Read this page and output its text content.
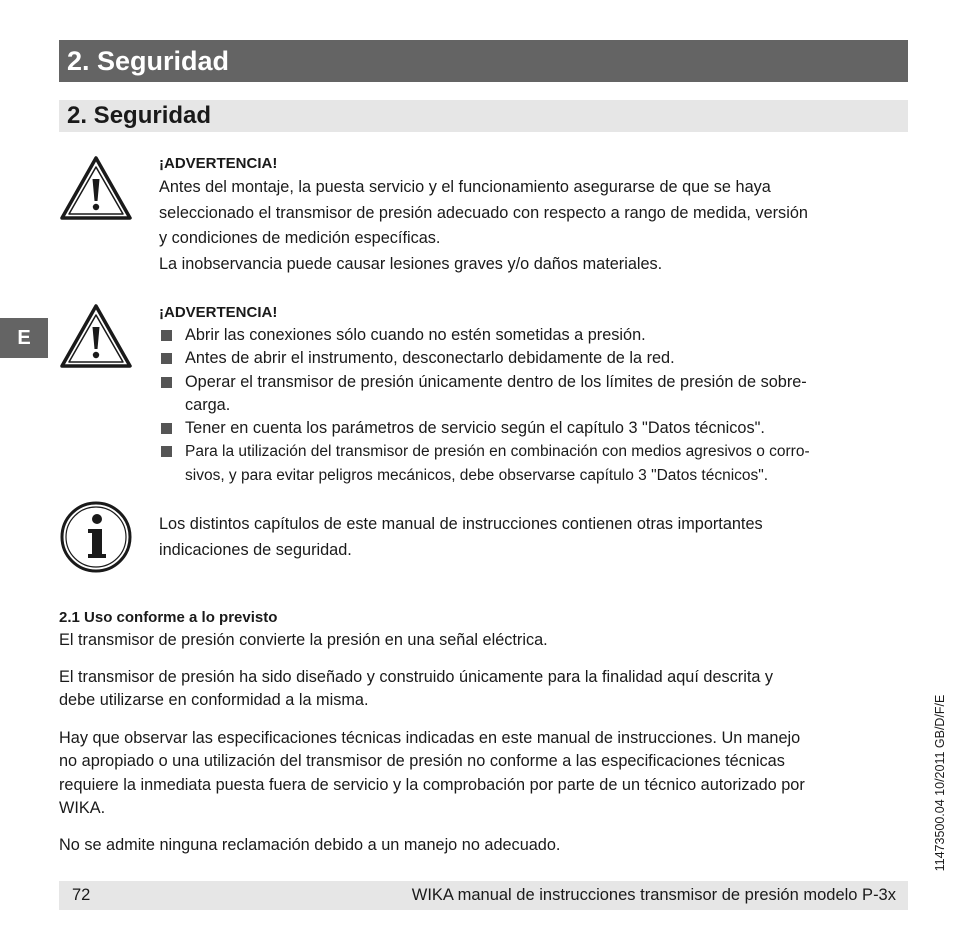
2. Seguridad
2. Seguridad
E
¡ADVERTENCIA!
Antes del montaje, la puesta servicio y el funcionamiento asegurarse de que se haya
seleccionado el transmisor de presión adecuado con respecto a rango de medida, versión
y condiciones de medición específicas.
La inobservancia puede causar lesiones graves y/o daños materiales.
¡ADVERTENCIA!
Abrir las conexiones sólo cuando no estén sometidas a presión.
Antes de abrir el instrumento, desconectarlo debidamente de la red.
Operar el transmisor de presión únicamente dentro de los límites de presión de sobre-
carga.
Tener en cuenta los parámetros de servicio según el capítulo 3 "Datos técnicos".
Para la utilización del transmisor de presión en combinación con medios agresivos o corro-
sivos, y para evitar peligros mecánicos, debe observarse capítulo 3 "Datos técnicos".
Los distintos capítulos de este manual de instrucciones contienen otras importantes
indicaciones de seguridad.
2.1 Uso conforme a lo previsto
El transmisor de presión convierte la presión en una señal eléctrica.
El transmisor de presión ha sido diseñado y construido únicamente para la finalidad aquí descrita y
debe utilizarse en conformidad a la misma.
Hay que observar las especificaciones técnicas indicadas en este manual de instrucciones. Un manejo
no apropiado o una utilización del transmisor de presión no conforme a las especificaciones técnicas
requiere la inmediata puesta fuera de servicio y la comprobación por parte de un técnico autorizado por
WIKA.
No se admite ninguna reclamación debido a un manejo no adecuado.
72	WIKA manual de instrucciones transmisor de presión modelo P-3x
11473500.04 10/2011 GB/D/F/E
